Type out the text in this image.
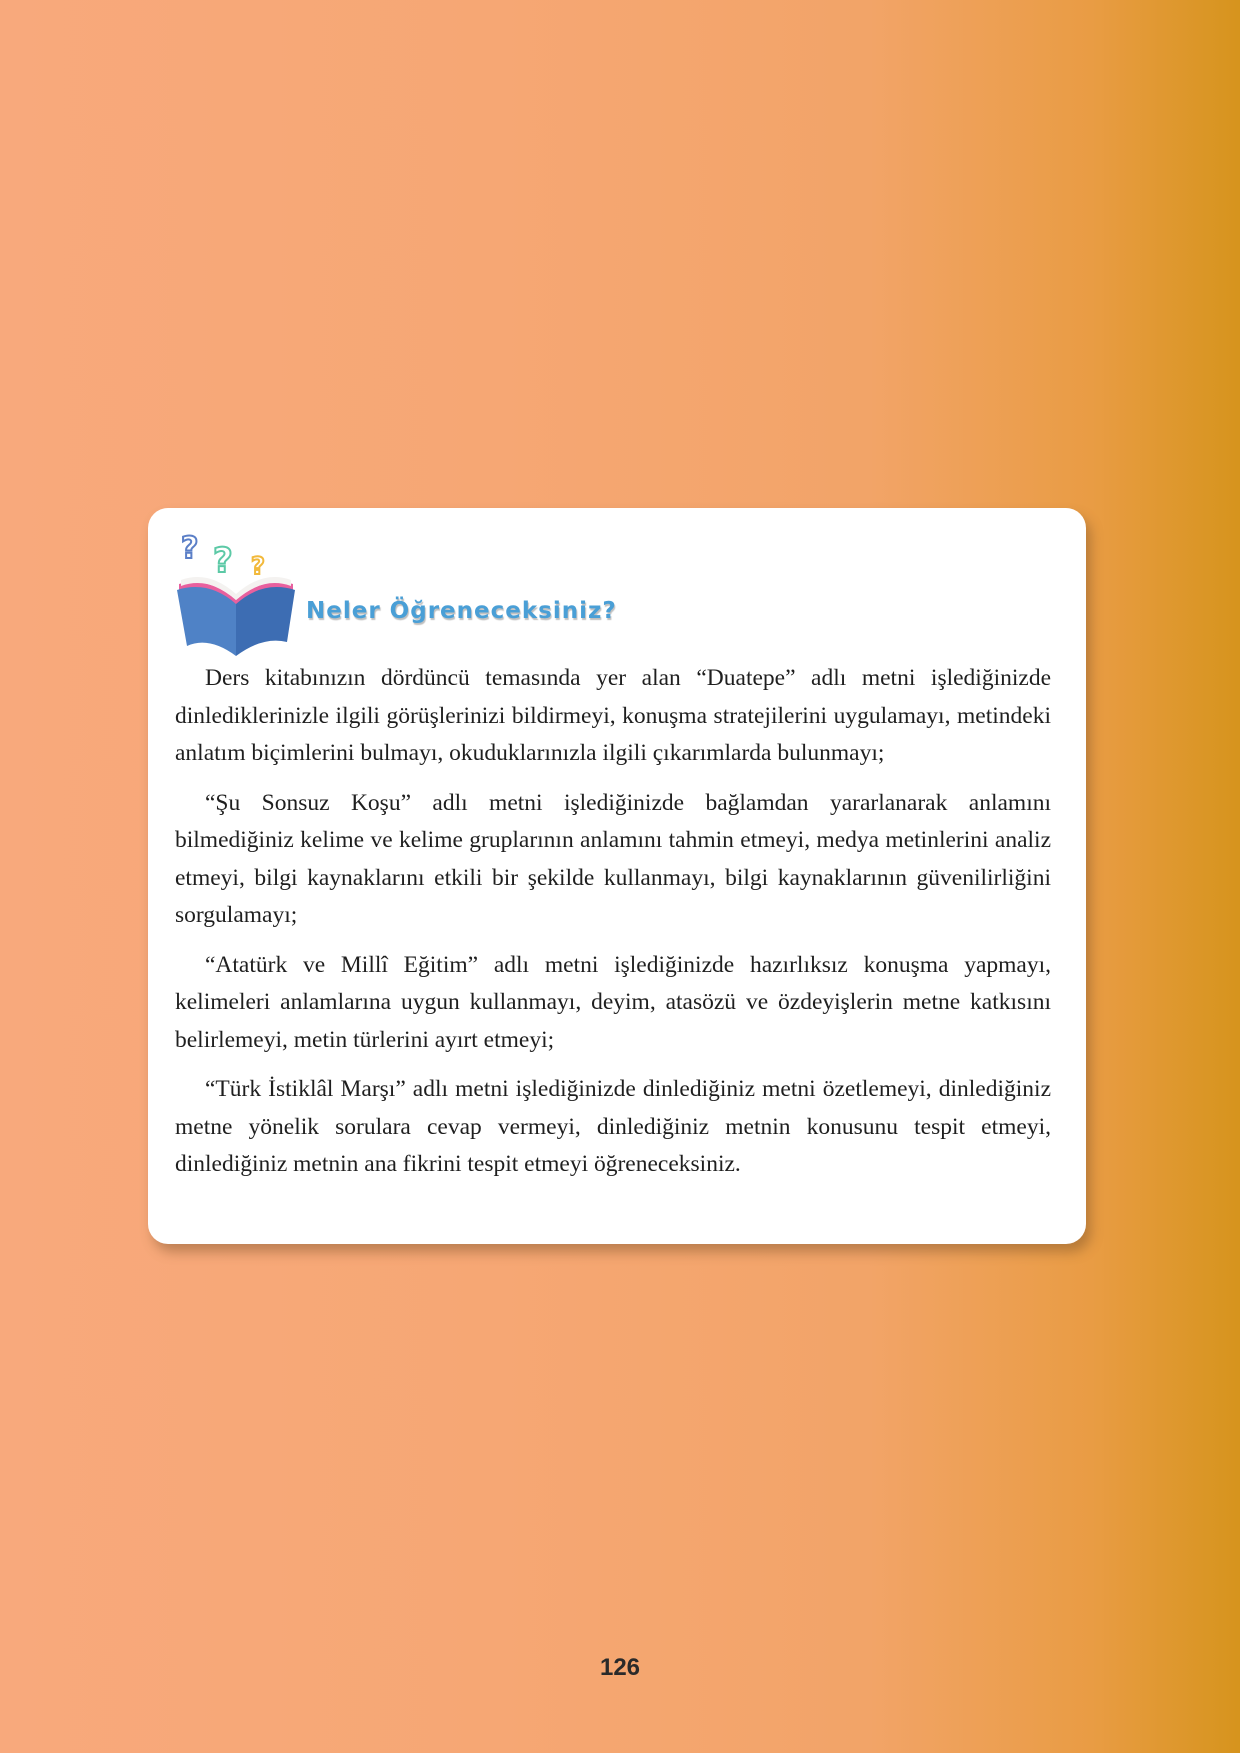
? ? ?
Neler Öğreneceksiniz?

Ders kitabınızın dördüncü temasında yer alan “Duatepe” adlı metni işlediğinizde dinlediklerinizle ilgili görüşlerinizi bildirmeyi, konuşma stratejilerini uygulamayı, metindeki anlatım biçimlerini bulmayı, okuduklarınızla ilgili çıkarımlarda bulunmayı;

“Şu Sonsuz Koşu” adlı metni işlediğinizde bağlamdan yararlanarak anlamını bilmediğiniz kelime ve kelime gruplarının anlamını tahmin etmeyi, medya metinlerini analiz etmeyi, bilgi kaynaklarını etkili bir şekilde kullanmayı, bilgi kaynaklarının güvenilirliğini sorgulamayı;

“Atatürk ve Millî Eğitim” adlı metni işlediğinizde hazırlıksız konuşma yapmayı, kelimeleri anlamlarına uygun kullanmayı, deyim, atasözü ve özdeyişlerin metne katkısını belirlemeyi, metin türlerini ayırt etmeyi;

“Türk İstiklâl Marşı” adlı metni işlediğinizde dinlediğiniz metni özetlemeyi, dinlediğiniz metne yönelik sorulara cevap vermeyi, dinlediğiniz metnin konusunu tespit etmeyi, dinlediğiniz metnin ana fikrini tespit etmeyi öğreneceksiniz.

126
